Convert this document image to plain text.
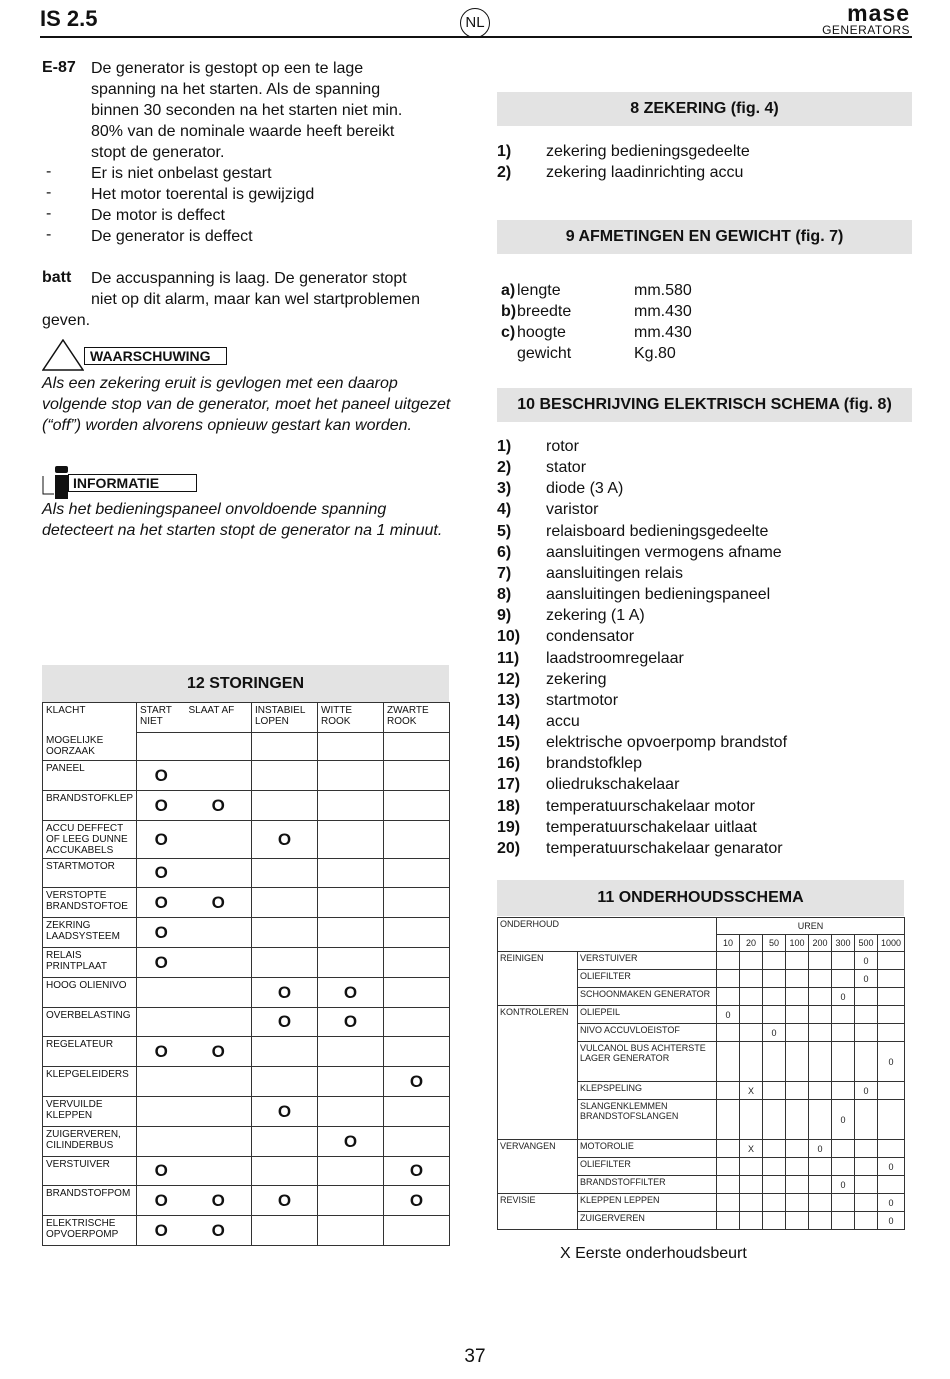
IS 2.5	NL	mase
GENERATORS
E-87 De generator is gestopt op een te lage
spanning na het starten. Als de spanning
binnen 30 seconden na het starten niet min.
80% van de nominale waarde heeft bereikt
stopt de generator.
- Er is niet onbelast gestart
- Het motor toerental is gewijzigd
- De motor is deffect
- De generator is deffect
batt De accuspanning is laag. De generator stopt
niet op dit alarm, maar kan wel startproblemen
geven.
WAARSCHUWING
Als een zekering eruit is gevlogen met een daarop
volgende stop van de generator, moet het paneel uitgezet
(“off”) worden alvorens opnieuw gestart kan worden.
INFORMATIE
Als het bedieningspaneel onvoldoende spanning
detecteert na het starten stopt de generator na 1 minuut.
8 ZEKERING (fig. 4)
1) zekering bedieningsgedeelte
2) zekering laadinrichting accu
9 AFMETINGEN EN GEWICHT (fig. 7)
a) lengte	mm.580
b) breedte	mm.430
c) hoogte	mm.430
gewicht	Kg.80
10 BESCHRIJVING ELEKTRISCH SCHEMA (fig. 8)
1) rotor
2) stator
3) diode (3 A)
4) varistor
5) relaisboard bedieningsgedeelte
6) aansluitingen vermogens afname
7) aansluitingen relais
8) aansluitingen bedieningspaneel
9) zekering (1 A)
10) condensator
11) laadstroomregelaar
12) zekering
13) startmotor
14) accu
15) elektrische opvoerpomp brandstof
16) brandstofklep
17) oliedrukschakelaar
18) temperatuurschakelaar motor
19) temperatuurschakelaar uitlaat
20) temperatuurschakelaar genarator
12 STORINGEN
KLACHT	START NIET	SLAAT AF	INSTABIEL LOPEN	WITTE ROOK	ZWARTE ROOK
MOGELIJKE OORZAAK					
PANEEL	O				
BRANDSTOFKLEP	O	O			
ACCU DEFFECT OF LEEG DUNNE ACCUKABELS	O		O		
STARTMOTOR	O				
VERSTOPTE BRANDSTOFTOE	O	O			
ZEKRING LAADSYSTEEM	O				
RELAIS PRINTPLAAT	O				
HOOG OLIENIVO			O	O	
OVERBELASTING			O	O	
REGELATEUR	O	O			
KLEPGELEIDERS					O
VERVUILDE KLEPPEN			O		
ZUIGERVEREN, CILINDERBUS				O	
VERSTUIVER	O				O
BRANDSTOFPOM	O	O	O		O
ELEKTRISCHE OPVOERPOMP	O	O			
11 ONDERHOUDSSCHEMA
ONDERHOUD		UREN							
		10	20	50	100	200	300	500	1000
REINIGEN	VERSTUIVER							0	
	OLIEFILTER							0	
	SCHOONMAKEN GENERATOR						0		
KONTROLEREN	OLIEPEIL	0							
	NIVO ACCUVLOEISTOF			0					
	VULCANOL BUS ACHTERSTE LAGER GENERATOR								0
	KLEPSPELING		X					0	
	SLANGENKLEMMEN BRANDSTOFSLANGEN						0		
VERVANGEN	MOTOROLIE		X			0			
	OLIEFILTER								0
	BRANDSTOFFILTER						0		
REVISIE	KLEPPEN LEPPEN								0
	ZUIGERVEREN								0
X Eerste onderhoudsbeurt
37
